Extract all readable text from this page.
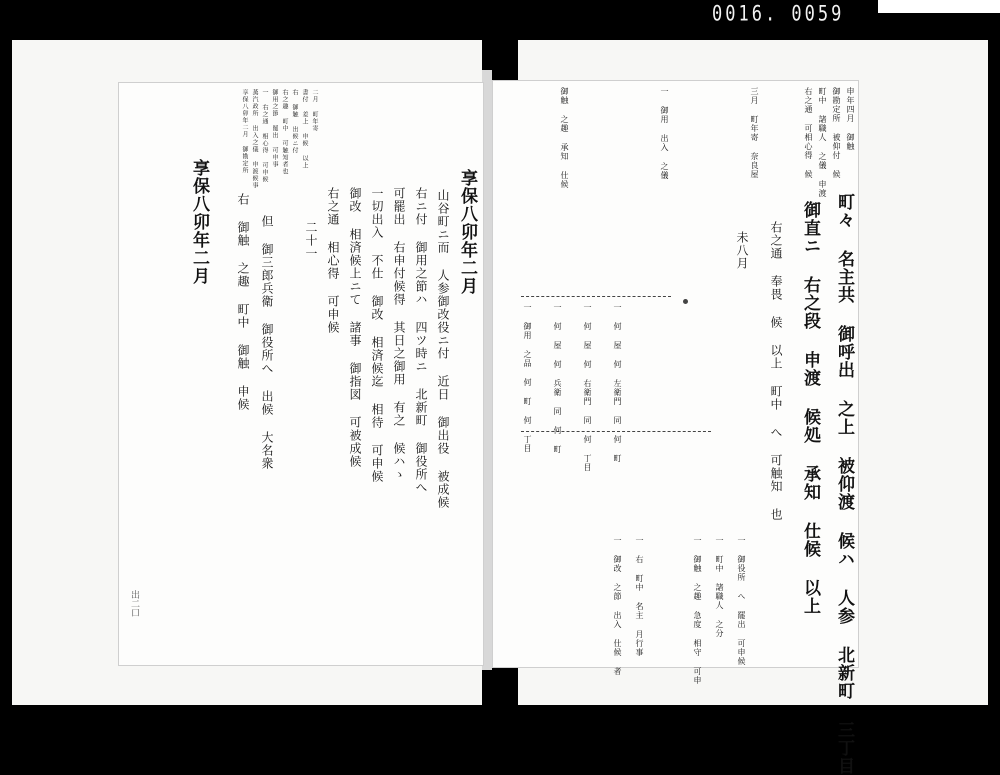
0016. 0059
享保八卯年二月 御勘定所 蒸汽政所 出入之儀 申渡候事 一 右之通 相心得 可申候 御用之節 罷出 可申事 右之趣 町中 可触知者也 右 御触 出候ニ付 書付 差上 申候 以上 二月 町年寄
享保八卯年二月
山谷町ニ而 人参御改役ニ付 近日 御出役 被成候
右ニ付 御用之節ハ 四ツ時ニ 北新町 御役所へ
可罷出 右申付候得 其日之御用 有之 候ハゝ
一切出入 不仕 御改 相済候迄 相待 可申候
御改 相済候上ニて 諸事 御指図 可被成候
右之通 相心得 可申候
但 御三郎兵衛 御役所へ 出候 大名衆
右 御触 之趣 町中 御触 申候
享保八卯年二月	二十一
出二口
申年四月 御触
御勘定所 被仰付 候
町中 諸職人 之儀 申渡
右之通 可相心得 候
三月 町年寄 奈良屋
一 御用 出入 之儀
御触 之趣 承知 仕候
町々 名主共 御呼出 之上 被仰渡 候ハ 人参 北新町 三丁目
御直ニ 右之段 申渡 候処 承知 仕候 以上
右之通 奉畏 候 以上 町中 へ 可触知 也
未八月
一 御用 之品 何 町 何 丁目	一 何 屋 何 兵衛 同 何 町	一 何 屋 何 右衛門 同 何 丁目	一 何 屋 何 左衛門 同 何 町
一 御改 之節 出入 仕候 者 一 右 町中 名主 月行事	一 御触 之趣 急度 相守 可申 一 町中 諸職人 之分 一 御役所 へ 罷出 可申候
